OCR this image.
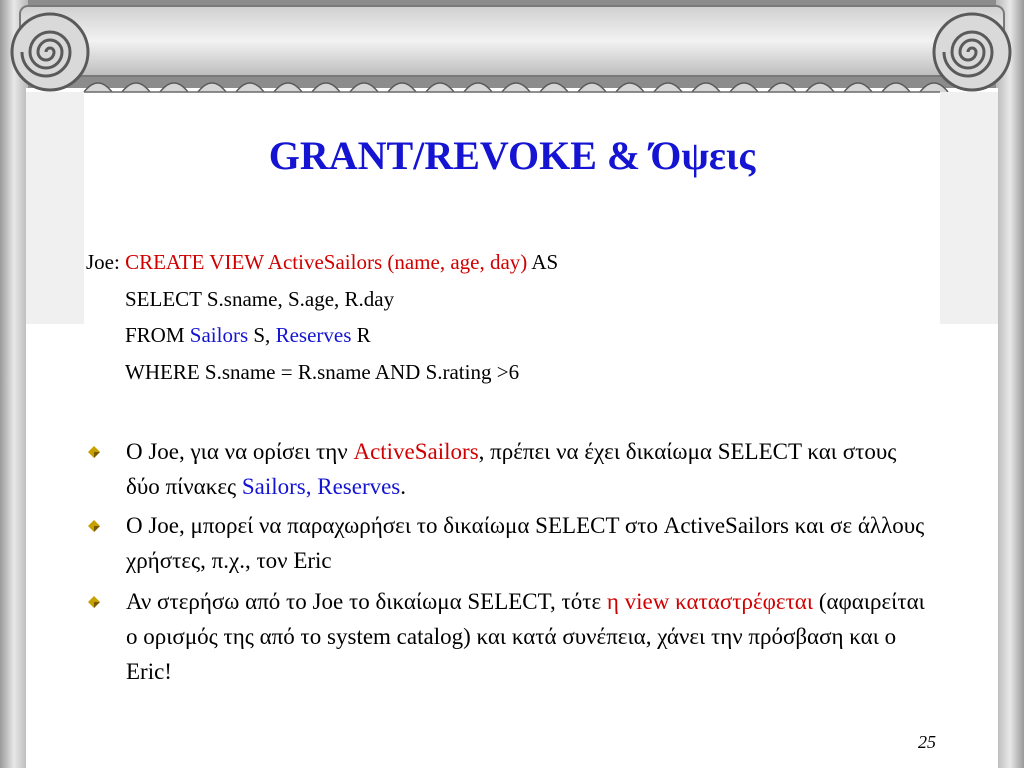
GRANT/REVOKE & Όψεις
Joe: CREATE VIEW ActiveSailors (name, age, day) AS
SELECT S.sname, S.age, R.day
FROM Sailors S, Reserves R
WHERE S.sname = R.sname AND S.rating >6
Ο Joe, για να ορίσει την ActiveSailors, πρέπει να έχει δικαίωμα SELECT και στους δύο πίνακες Sailors, Reserves.
Ο Joe, μπορεί να παραχωρήσει το δικαίωμα SELECT στο ActiveSailors και σε άλλους χρήστες, π.χ., τον Eric
Αν στερήσω από το Joe το δικαίωμα SELECT, τότε η view καταστρέφεται (αφαιρείται ο ορισμός της από το system catalog) και κατά συνέπεια, χάνει την πρόσβαση και ο Eric!
25
